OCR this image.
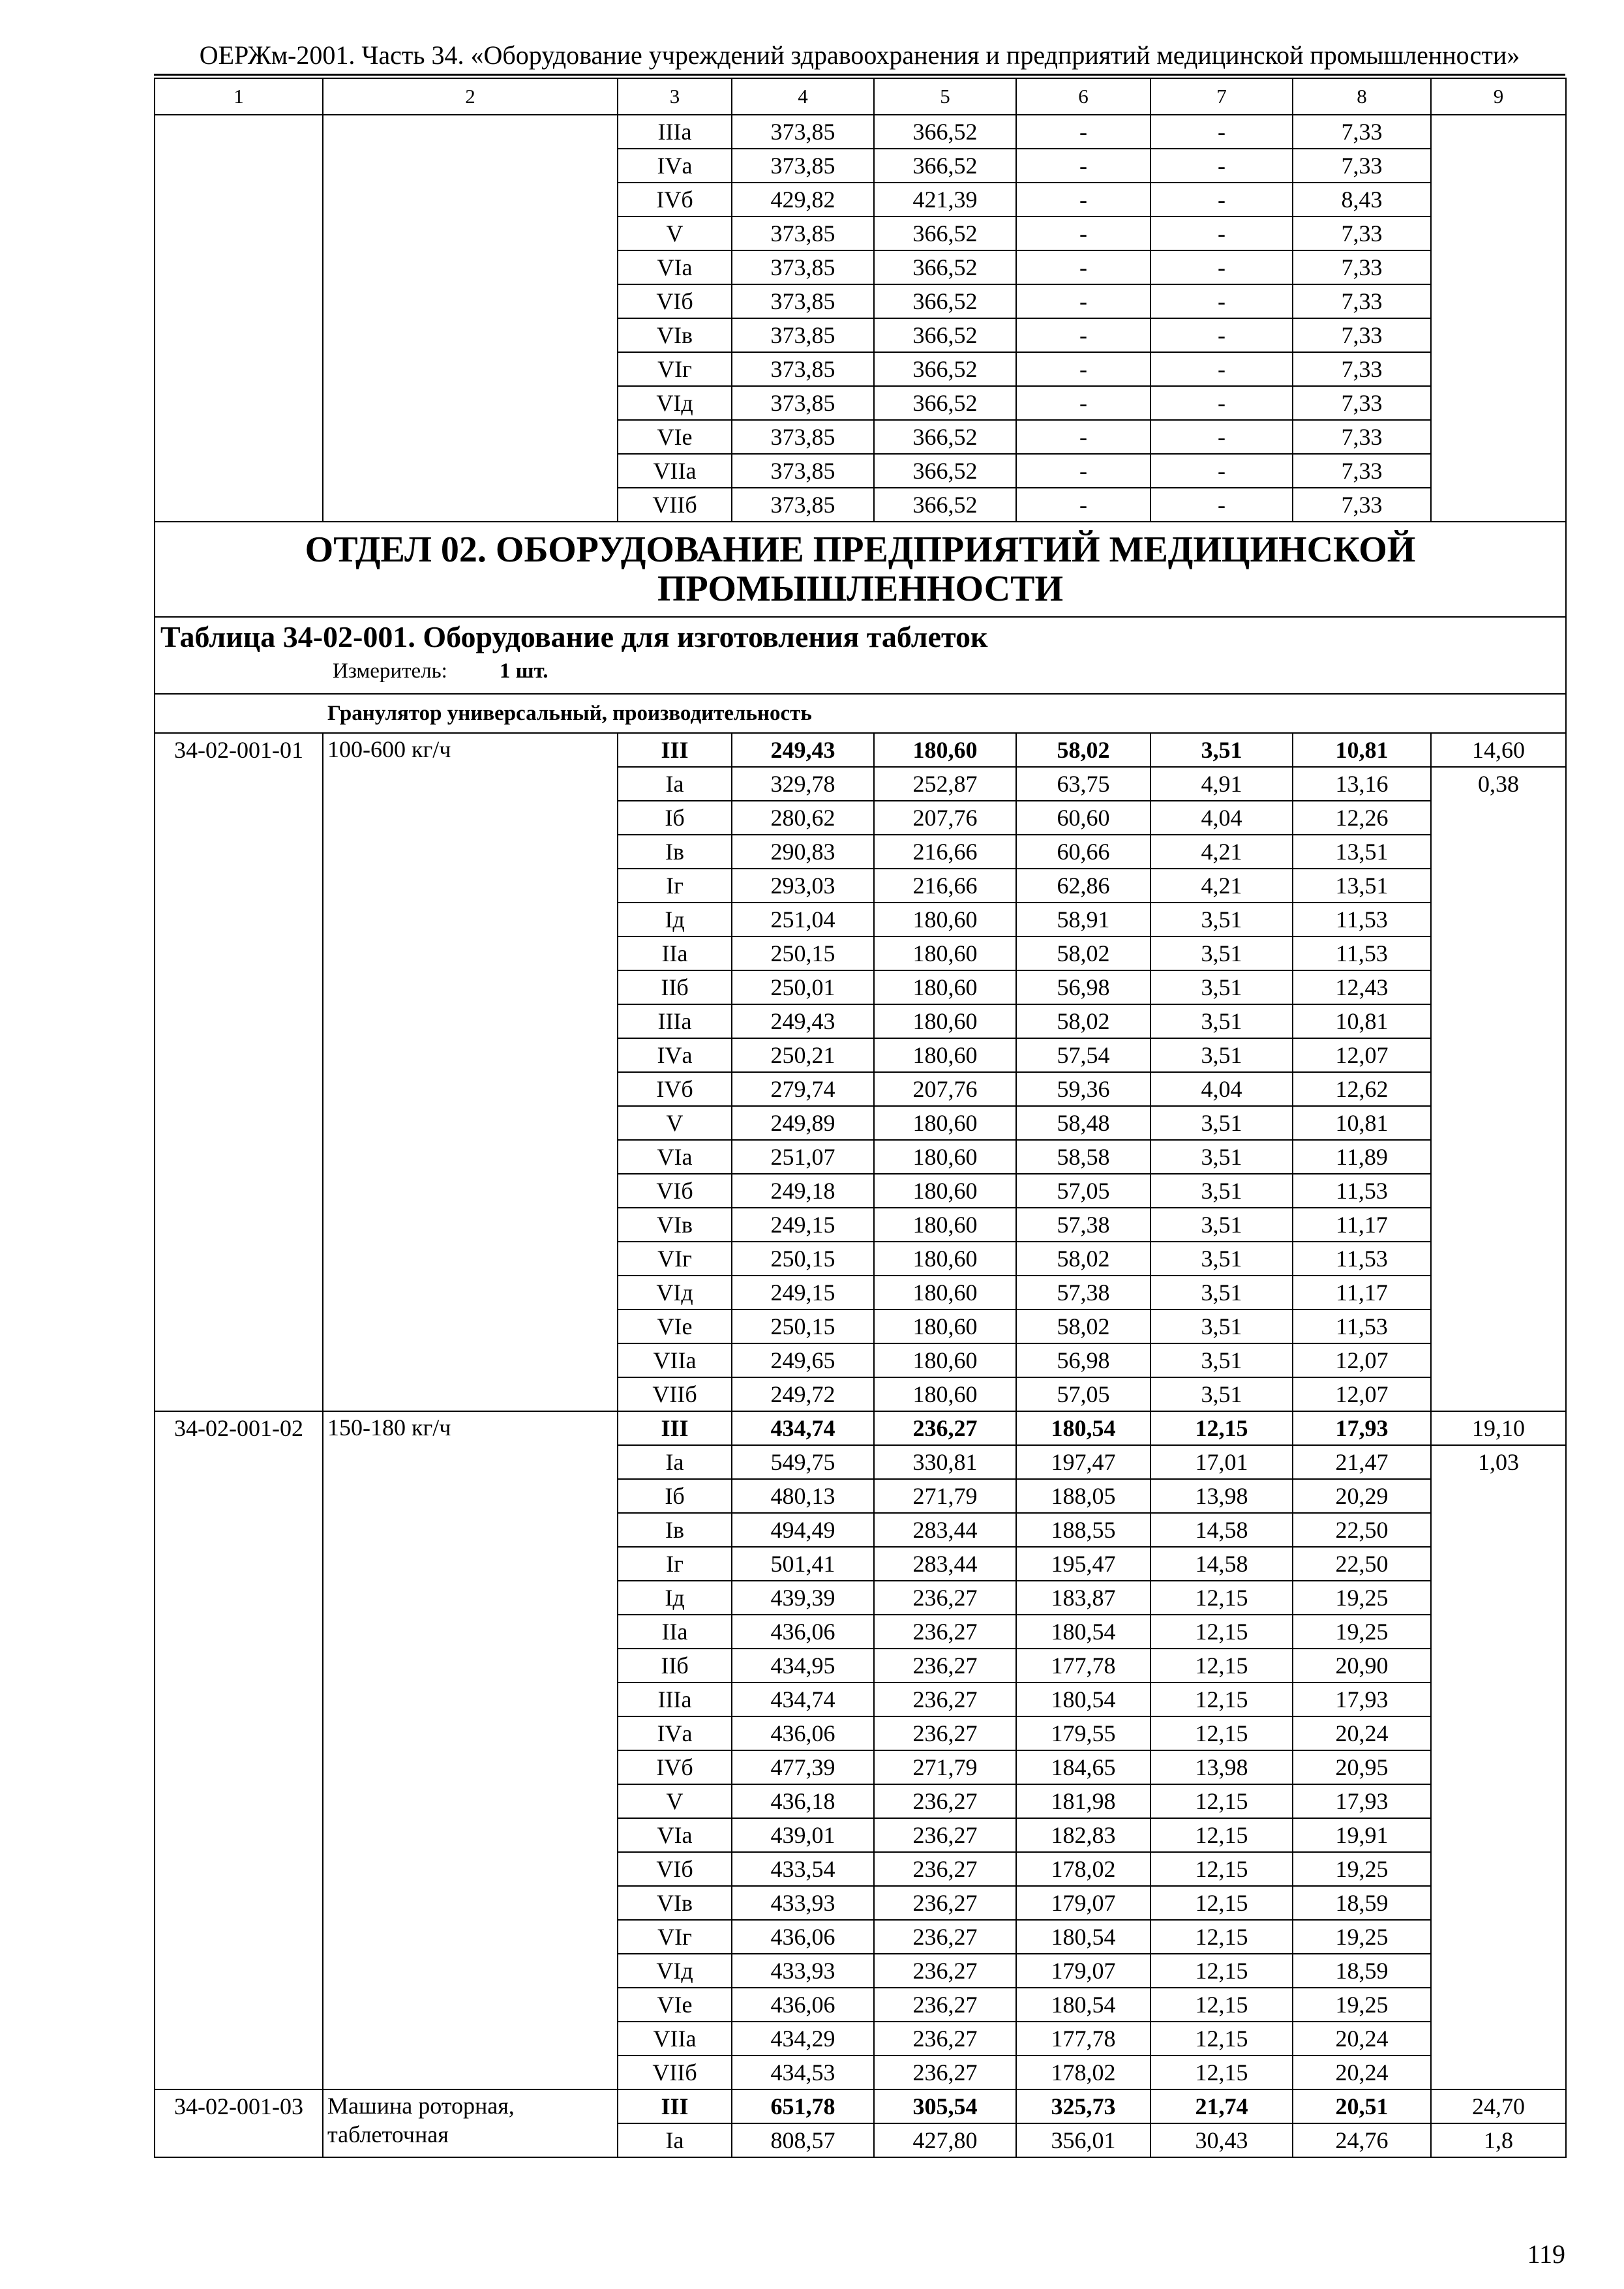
ОЕРЖм-2001. Часть 34. «Оборудование учреждений здравоохранения и предприятий медицинской промышленности»
1	2	3	4	5	6	7	8	9
		IIIа	373,85	366,52	-	-	7,33	
		IVа	373,85	366,52	-	-	7,33	
		IVб	429,82	421,39	-	-	8,43	
		V	373,85	366,52	-	-	7,33	
		VIа	373,85	366,52	-	-	7,33	
		VIб	373,85	366,52	-	-	7,33	
		VIв	373,85	366,52	-	-	7,33	
		VIг	373,85	366,52	-	-	7,33	
		VIд	373,85	366,52	-	-	7,33	
		VIе	373,85	366,52	-	-	7,33	
		VIIа	373,85	366,52	-	-	7,33	
		VIIб	373,85	366,52	-	-	7,33	
ОТДЕЛ 02. ОБОРУДОВАНИЕ ПРЕДПРИЯТИЙ МЕДИЦИНСКОЙ ПРОМЫШЛЕННОСТИ								

Таблица 34-02-001. Оборудование для изготовления таблеток
Измеритель: 1 шт.								

Гранулятор универсальный, производительность								
34-02-001-01	100-600 кг/ч	III	249,43	180,60	58,02	3,51	10,81	14,60
		Iа	329,78	252,87	63,75	4,91	13,16	0,38
		Iб	280,62	207,76	60,60	4,04	12,26	
		Iв	290,83	216,66	60,66	4,21	13,51	
		Iг	293,03	216,66	62,86	4,21	13,51	
		Iд	251,04	180,60	58,91	3,51	11,53	
		IIа	250,15	180,60	58,02	3,51	11,53	
		IIб	250,01	180,60	56,98	3,51	12,43	
		IIIа	249,43	180,60	58,02	3,51	10,81	
		IVа	250,21	180,60	57,54	3,51	12,07	
		IVб	279,74	207,76	59,36	4,04	12,62	
		V	249,89	180,60	58,48	3,51	10,81	
		VIа	251,07	180,60	58,58	3,51	11,89	
		VIб	249,18	180,60	57,05	3,51	11,53	
		VIв	249,15	180,60	57,38	3,51	11,17	
		VIг	250,15	180,60	58,02	3,51	11,53	
		VIд	249,15	180,60	57,38	3,51	11,17	
		VIе	250,15	180,60	58,02	3,51	11,53	
		VIIа	249,65	180,60	56,98	3,51	12,07	
		VIIб	249,72	180,60	57,05	3,51	12,07	
34-02-001-02	150-180 кг/ч	III	434,74	236,27	180,54	12,15	17,93	19,10
		Iа	549,75	330,81	197,47	17,01	21,47	1,03
		Iб	480,13	271,79	188,05	13,98	20,29	
		Iв	494,49	283,44	188,55	14,58	22,50	
		Iг	501,41	283,44	195,47	14,58	22,50	
		Iд	439,39	236,27	183,87	12,15	19,25	
		IIа	436,06	236,27	180,54	12,15	19,25	
		IIб	434,95	236,27	177,78	12,15	20,90	
		IIIа	434,74	236,27	180,54	12,15	17,93	
		IVа	436,06	236,27	179,55	12,15	20,24	
		IVб	477,39	271,79	184,65	13,98	20,95	
		V	436,18	236,27	181,98	12,15	17,93	
		VIа	439,01	236,27	182,83	12,15	19,91	
		VIб	433,54	236,27	178,02	12,15	19,25	
		VIв	433,93	236,27	179,07	12,15	18,59	
		VIг	436,06	236,27	180,54	12,15	19,25	
		VIд	433,93	236,27	179,07	12,15	18,59	
		VIе	436,06	236,27	180,54	12,15	19,25	
		VIIа	434,29	236,27	177,78	12,15	20,24	
		VIIб	434,53	236,27	178,02	12,15	20,24	
34-02-001-03	Машина роторная, таблеточная	III	651,78	305,54	325,73	21,74	20,51	24,70
		Iа	808,57	427,80	356,01	30,43	24,76	1,8
119
